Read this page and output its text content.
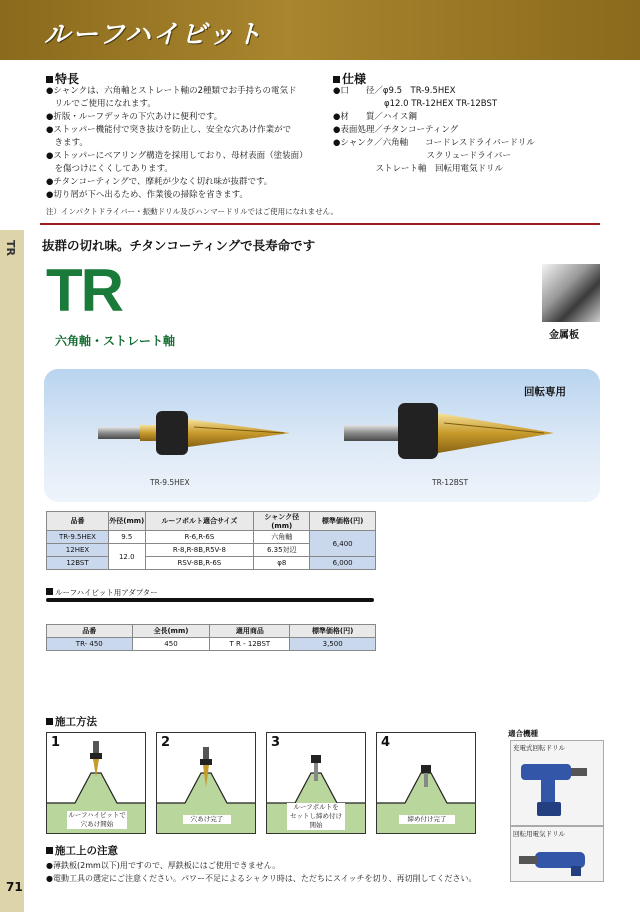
ルーフハイビット
TR
71
特長
●シャンクは、六角軸とストレート軸の2種類でお手持ちの電気ド
　リルでご使用になれます。
●折版・ルーフデッキの下穴あけに便利です。
●ストッパー機能付で突き抜けを防止し、安全な穴あけ作業がで
　きます。
●ストッパーにベアリング構造を採用しており、母材表面（塗装面）
　を傷つけにくくしてあります。
●チタンコーティングで、摩耗が少なく切れ味が抜群です。
●切り屑が下へ出るため、作業後の掃除を省きます。
注）インパクトドライバー・振動ドリル及びハンマードリルではご使用になれません。
仕様
●口　　径／φ9.5　TR-9.5HEX
　　　　　　φ12.0 TR-12HEX TR-12BST
●材　　質／ハイス鋼
●表面処理／チタンコーティング
●シャンク／六角軸　　コードレスドライバードリル
　　　　　　　　　　　スクリュードライバー
　　　　　ストレート軸　回転用電気ドリル
抜群の切れ味。チタンコーティングで長寿命です
TR
六角軸・ストレート軸	金属板
回転専用
TR-9.5HEX	TR-12BST
品番	外径(mm)	ルーフボルト適合サイズ	シャンク径(mm)	標準価格(円)
TR-9.5HEX	9.5	R-6,R-6S	六角軸	6,400
12HEX	12.0	R-8,R-8B,R5V-8	6.35対辺	
12BST		RSV-8B,R-6S	φ8	6,000
ルーフハイビット用アダプター
品番	全長(mm)	適用商品	標準価格(円)
TR- 450	450	T R - 12BST	3,500
施工方法
1
ルーフハイビットで
穴あけ開始
2
穴あけ完了
3
ルーフボルトを
セットし締め付け
開始
4
締め付け完了
適合機種
充電式回転ドリル
回転用電気ドリル
施工上の注意
●薄鉄板(2mm以下)用ですので、厚鉄板にはご使用できません。
●電動工具の選定にご注意ください。パワー不足によるシャクリ時は、ただちにスイッチを切り、再切削してください。
